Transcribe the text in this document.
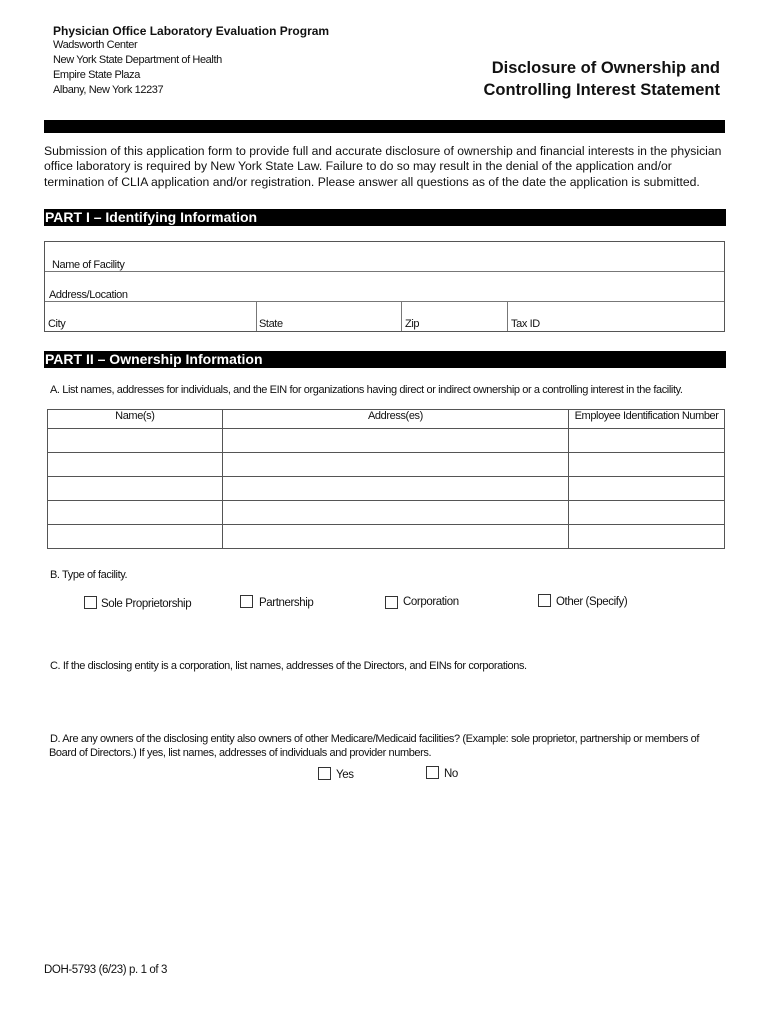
Physician Office Laboratory Evaluation Program
Wadsworth Center
New York State Department of Health
Empire State Plaza
Albany, New York 12237
Disclosure of Ownership and
Controlling Interest Statement
Submission of this application form to provide full and accurate disclosure of ownership and financial interests in the physician office laboratory is required by New York State Law. Failure to do so may result in the denial of the application and/or termination of CLIA application and/or registration. Please answer all questions as of the date the application is submitted.
PART I – Identifying Information
Name of Facility
Address/Location
City	State	Zip	Tax ID
PART II – Ownership Information
A. List names, addresses for individuals, and the EIN for organizations having direct or indirect ownership or a controlling interest in the facility.
Name(s)	Address(es)	Employee Identification Number

B. Type of facility.
Sole Proprietorship	Partnership	Corporation	Other (Specify)
C. If the disclosing entity is a corporation, list names, addresses of the Directors, and EINs for corporations.
D. Are any owners of the disclosing entity also owners of other Medicare/Medicaid facilities? (Example: sole proprietor, partnership or members of
Board of Directors.) If yes, list names, addresses of individuals and provider numbers.
Yes	No
DOH-5793 (6/23) p. 1 of 3
